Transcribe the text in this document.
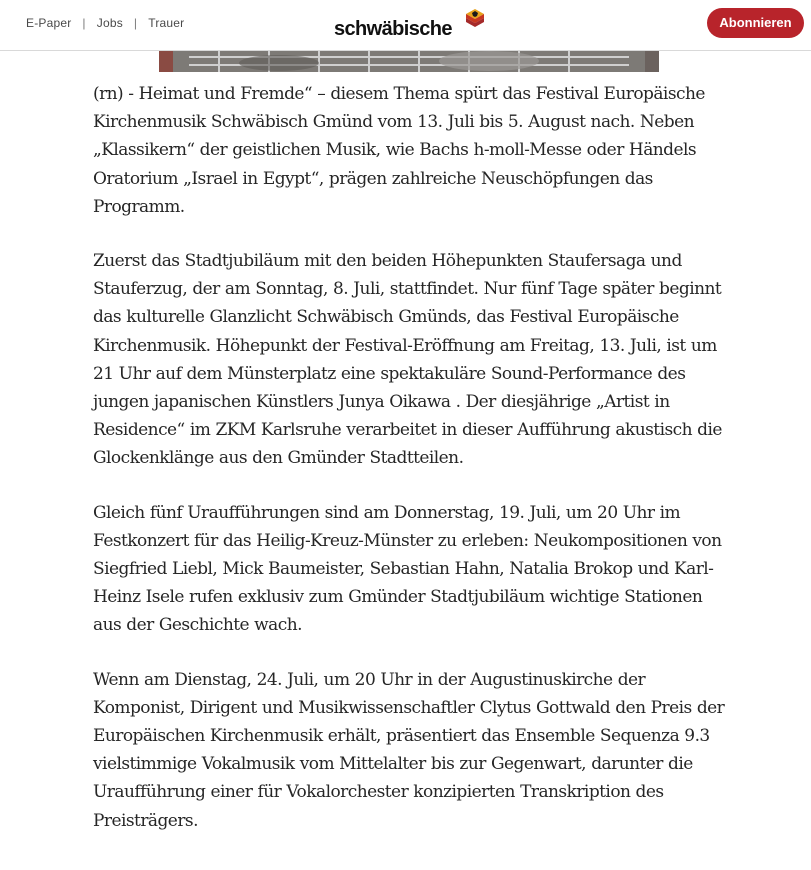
E-Paper | Jobs | Trauer	schwäbische	Abonnieren

(rn) - Heimat und Fremde“ – diesem Thema spürt das Festival Europäische Kirchenmusik Schwäbisch Gmünd vom 13. Juli bis 5. August nach. Neben „Klassikern“ der geistlichen Musik, wie Bachs h-moll-Messe oder Händels Oratorium „Israel in Egypt“, prägen zahlreiche Neuschöpfungen das Programm.

Zuerst das Stadtjubiläum mit den beiden Höhepunkten Staufersaga und Stauferzug, der am Sonntag, 8. Juli, stattfindet. Nur fünf Tage später beginnt das kulturelle Glanzlicht Schwäbisch Gmünds, das Festival Europäische Kirchenmusik. Höhepunkt der Festival-Eröffnung am Freitag, 13. Juli, ist um 21 Uhr auf dem Münsterplatz eine spektakuläre Sound-Performance des jungen japanischen Künstlers Junya Oikawa . Der diesjährige „Artist in Residence“ im ZKM Karlsruhe verarbeitet in dieser Aufführung akustisch die Glockenklänge aus den Gmünder Stadtteilen.

Gleich fünf Uraufführungen sind am Donnerstag, 19. Juli, um 20 Uhr im Festkonzert für das Heilig-Kreuz-Münster zu erleben: Neukompositionen von Siegfried Liebl, Mick Baumeister, Sebastian Hahn, Natalia Brokop und Karl-Heinz Isele rufen exklusiv zum Gmünder Stadtjubiläum wichtige Stationen aus der Geschichte wach.

Wenn am Dienstag, 24. Juli, um 20 Uhr in der Augustinuskirche der Komponist, Dirigent und Musikwissenschaftler Clytus Gottwald den Preis der Europäischen Kirchenmusik erhält, präsentiert das Ensemble Sequenza 9.3 vielstimmige Vokalmusik vom Mittelalter bis zur Gegenwart, darunter die Uraufführung einer für Vokalorchester konzipierten Transkription des Preisträgers.
